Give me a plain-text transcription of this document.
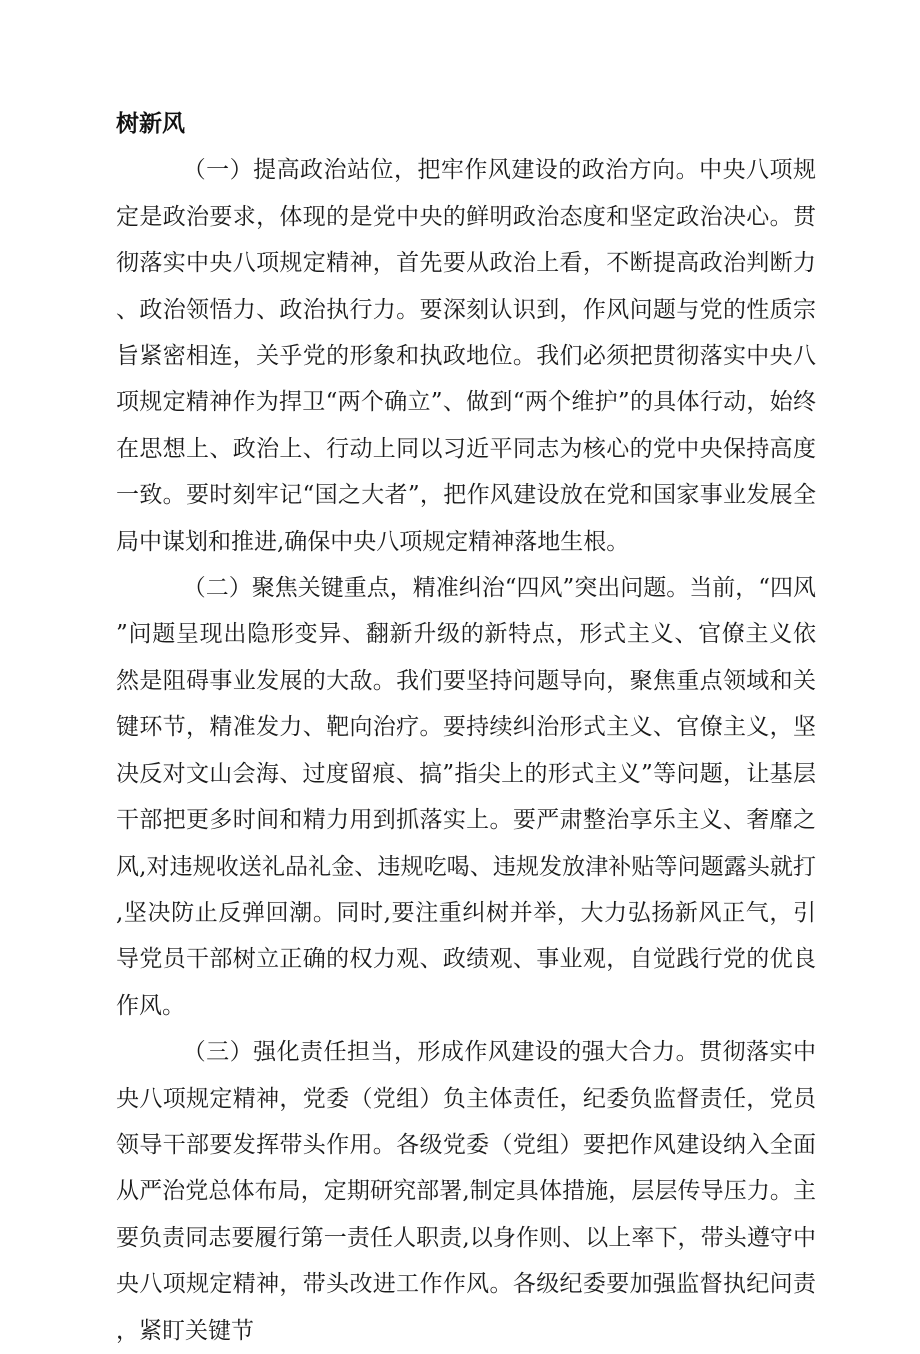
树新风

（一）提高政治站位，把牢作风建设的政治方向。中央八项规定是政治要求，体现的是党中央的鲜明政治态度和坚定政治决心。贯彻落实中央八项规定精神，首先要从政治上看，不断提高政治判断力、政治领悟力、政治执行力。要深刻认识到，作风问题与党的性质宗旨紧密相连，关乎党的形象和执政地位。我们必须把贯彻落实中央八项规定精神作为捍卫“两个确立”、做到“两个维护”的具体行动，始终在思想上、政治上、行动上同以习近平同志为核心的党中央保持高度一致。要时刻牢记“国之大者”，把作风建设放在党和国家事业发展全局中谋划和推进,确保中央八项规定精神落地生根。

（二）聚焦关键重点，精准纠治“四风”突出问题。当前，“四风”问题呈现出隐形变异、翻新升级的新特点，形式主义、官僚主义依然是阻碍事业发展的大敌。我们要坚持问题导向，聚焦重点领域和关键环节，精准发力、靶向治疗。要持续纠治形式主义、官僚主义，坚决反对文山会海、过度留痕、搞”指尖上的形式主义”等问题，让基层干部把更多时间和精力用到抓落实上。要严肃整治享乐主义、奢靡之风,对违规收送礼品礼金、违规吃喝、违规发放津补贴等问题露头就打,坚决防止反弹回潮。同时,要注重纠树并举，大力弘扬新风正气，引导党员干部树立正确的权力观、政绩观、事业观，自觉践行党的优良作风。

（三）强化责任担当，形成作风建设的强大合力。贯彻落实中央八项规定精神，党委（党组）负主体责任，纪委负监督责任，党员领导干部要发挥带头作用。各级党委（党组）要把作风建设纳入全面从严治党总体布局，定期研究部署,制定具体措施，层层传导压力。主要负责同志要履行第一责任人职责,以身作则、以上率下，带头遵守中央八项规定精神，带头改进工作作风。各级纪委要加强监督执纪问责，紧盯关键节
